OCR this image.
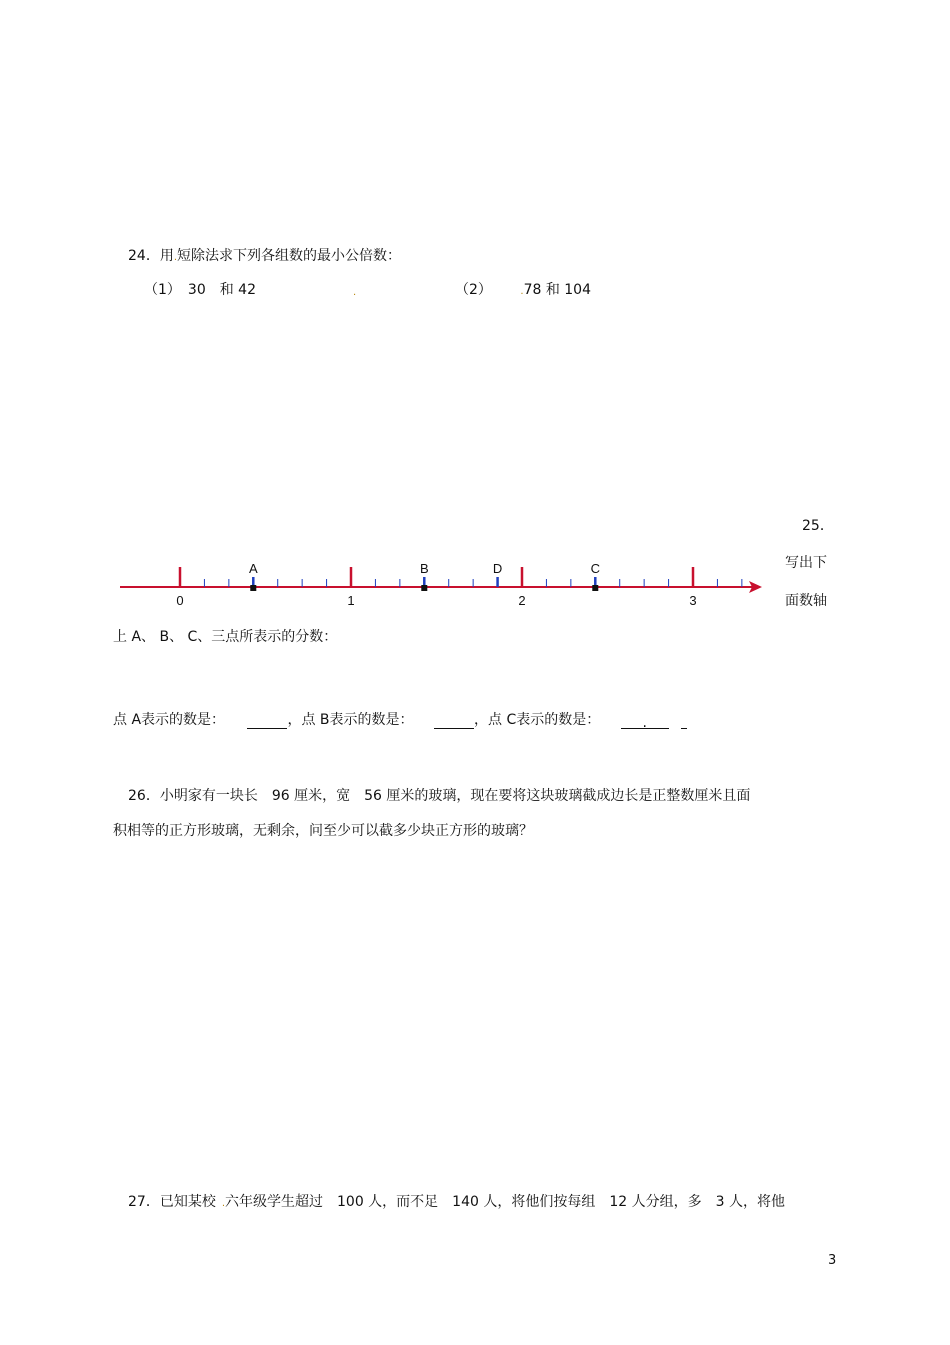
24．用.短除法求下列各组数的最小公倍数：
（1）　30　和 42	.	（2）	.78 和 104
25．
写出下
面数轴
0	1	2	3
A	B	D	C
上 A、 B、 C、三点所表示的分数：
点 A表示的数是：	，点 B表示的数是：	，点 C表示的数是：	.
26．小明家有一块长　96 厘米，宽　56 厘米的玻璃，现在要将这块玻璃截成边长是正整数厘米且面
积相等的正方形玻璃，无剩余，问至少可以截多少块正方形的玻璃？
27．已知某校 .六年级学生超过　100 人，而不足　140 人，将他们按每组　12 人分组，多　3 人，将他
3
